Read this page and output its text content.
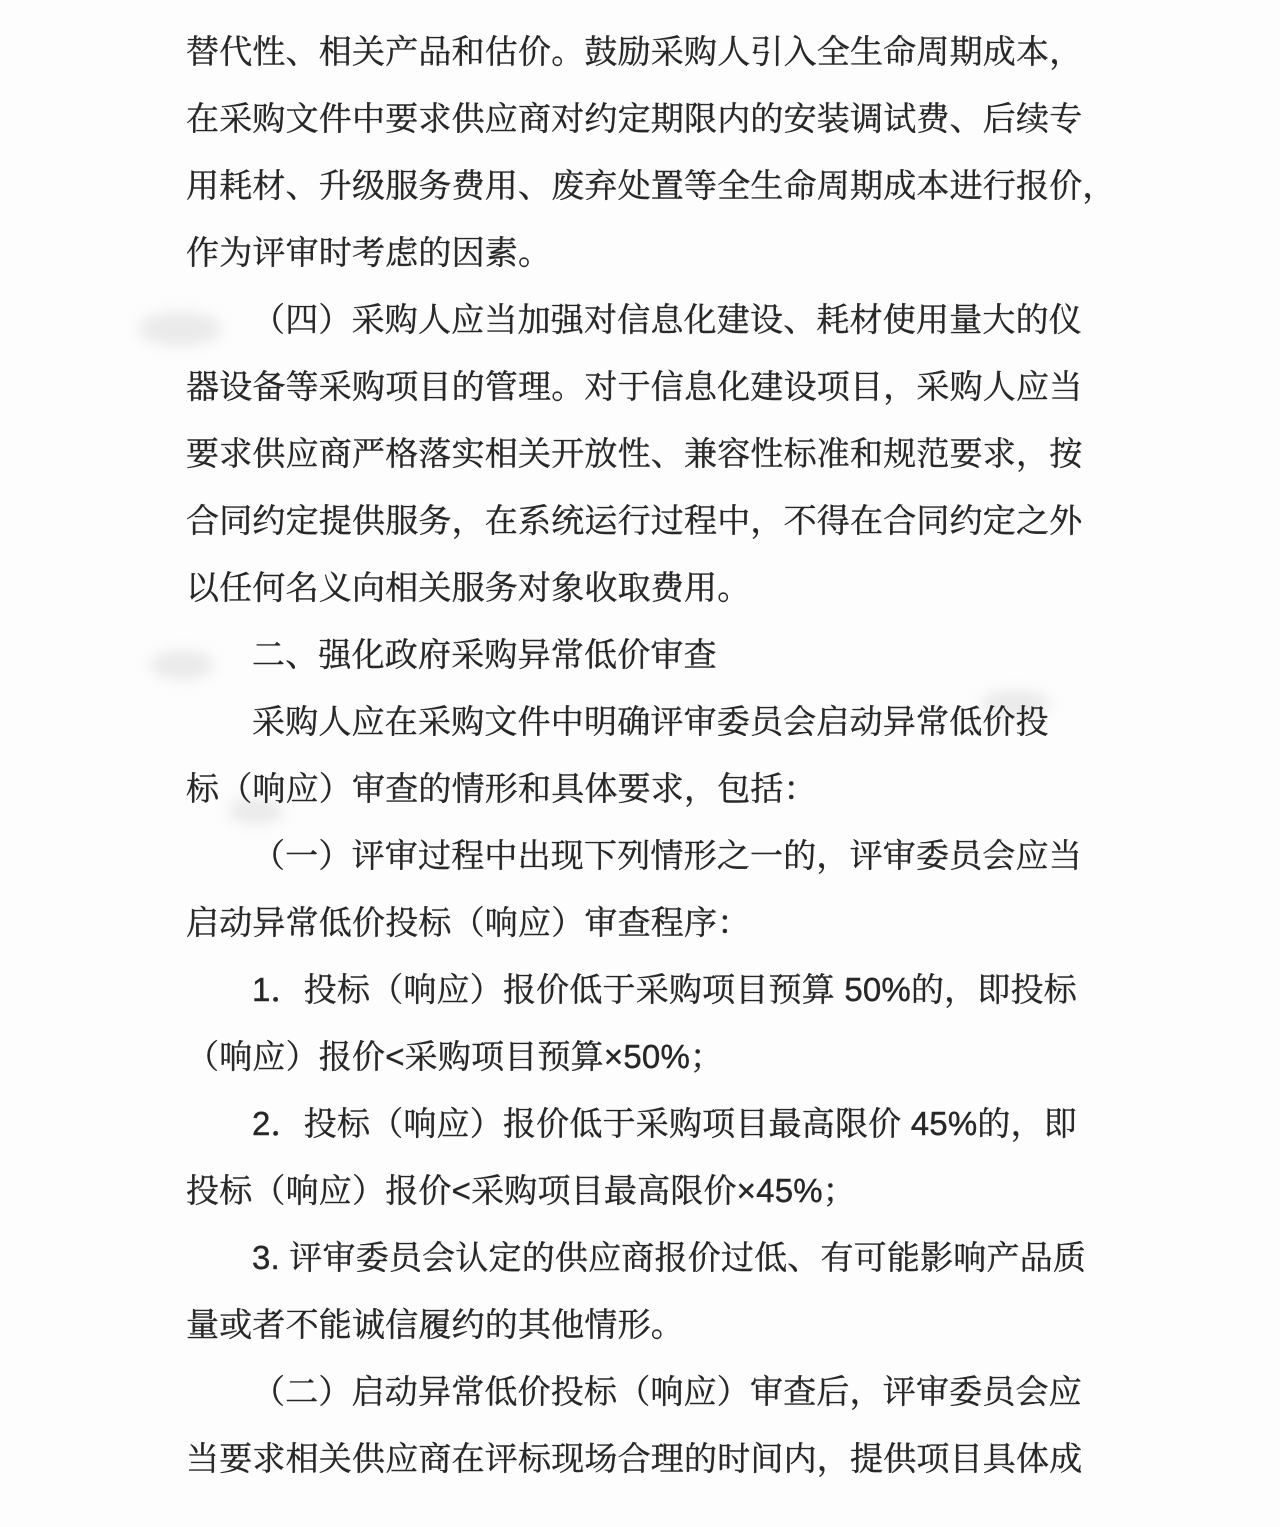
替代性、相关产品和估价。鼓励采购人引入全生命周期成本，
在采购文件中要求供应商对约定期限内的安装调试费、后续专
用耗材、升级服务费用、废弃处置等全生命周期成本进行报价，
作为评审时考虑的因素。
（四）采购人应当加强对信息化建设、耗材使用量大的仪
器设备等采购项目的管理。对于信息化建设项目，采购人应当
要求供应商严格落实相关开放性、兼容性标准和规范要求，按
合同约定提供服务，在系统运行过程中，不得在合同约定之外
以任何名义向相关服务对象收取费用。
二、强化政府采购异常低价审查
采购人应在采购文件中明确评审委员会启动异常低价投
标（响应）审查的情形和具体要求，包括：
（一）评审过程中出现下列情形之一的，评审委员会应当
启动异常低价投标（响应）审查程序：
1．投标（响应）报价低于采购项目预算 50%的，即投标
（响应）报价<采购项目预算×50%；
2．投标（响应）报价低于采购项目最高限价 45%的，即
投标（响应）报价<采购项目最高限价×45%；
3. 评审委员会认定的供应商报价过低、有可能影响产品质
量或者不能诚信履约的其他情形。
（二）启动异常低价投标（响应）审查后，评审委员会应
当要求相关供应商在评标现场合理的时间内，提供项目具体成
